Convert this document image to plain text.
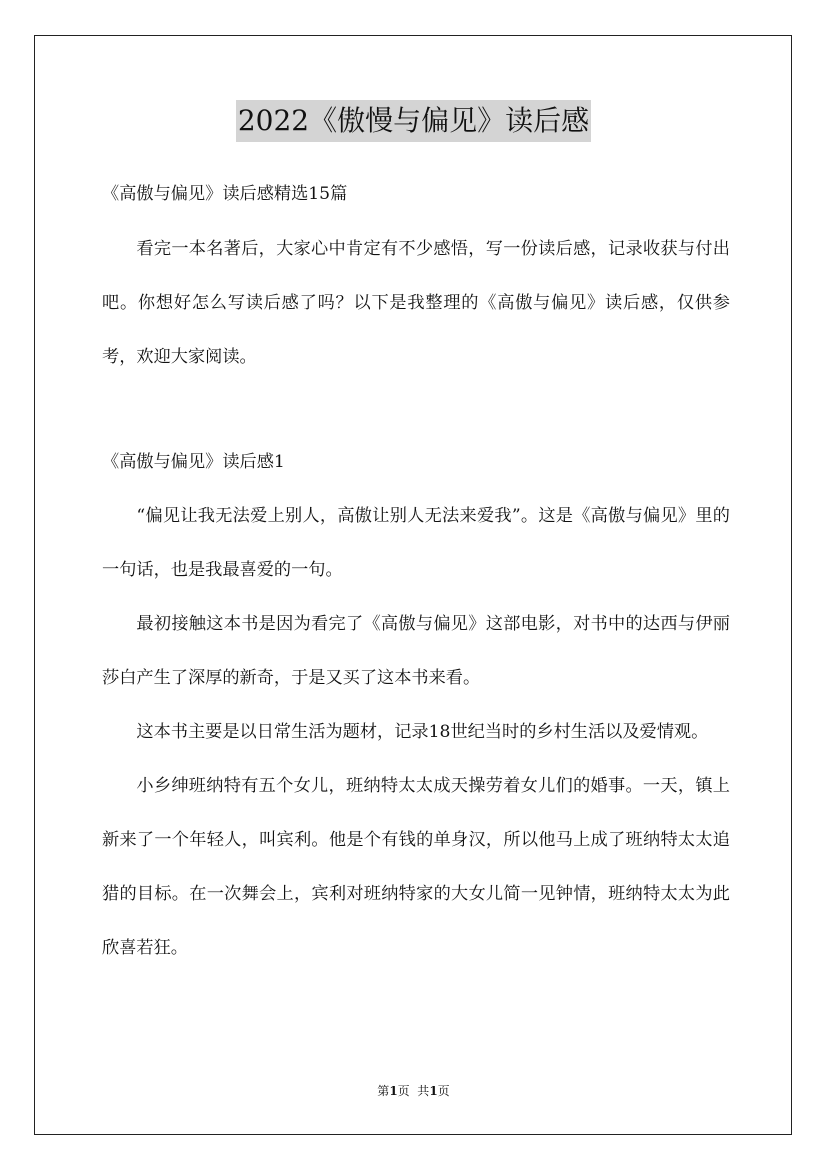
2022《傲慢与偏见》读后感

《高傲与偏见》读后感精选15篇

看完一本名著后，大家心中肯定有不少感悟，写一份读后感，记录收获与付出吧。你想好怎么写读后感了吗？以下是我整理的《高傲与偏见》读后感，仅供参考，欢迎大家阅读。

《高傲与偏见》读后感1

“偏见让我无法爱上别人，高傲让别人无法来爱我”。这是《高傲与偏见》里的一句话，也是我最喜爱的一句。

最初接触这本书是因为看完了《高傲与偏见》这部电影，对书中的达西与伊丽莎白产生了深厚的新奇，于是又买了这本书来看。

这本书主要是以日常生活为题材，记录18世纪当时的乡村生活以及爱情观。

小乡绅班纳特有五个女儿，班纳特太太成天操劳着女儿们的婚事。一天，镇上新来了一个年轻人，叫宾利。他是个有钱的单身汉，所以他马上成了班纳特太太追猎的目标。在一次舞会上，宾利对班纳特家的大女儿简一见钟情，班纳特太太为此欣喜若狂。

第1页  共1页
